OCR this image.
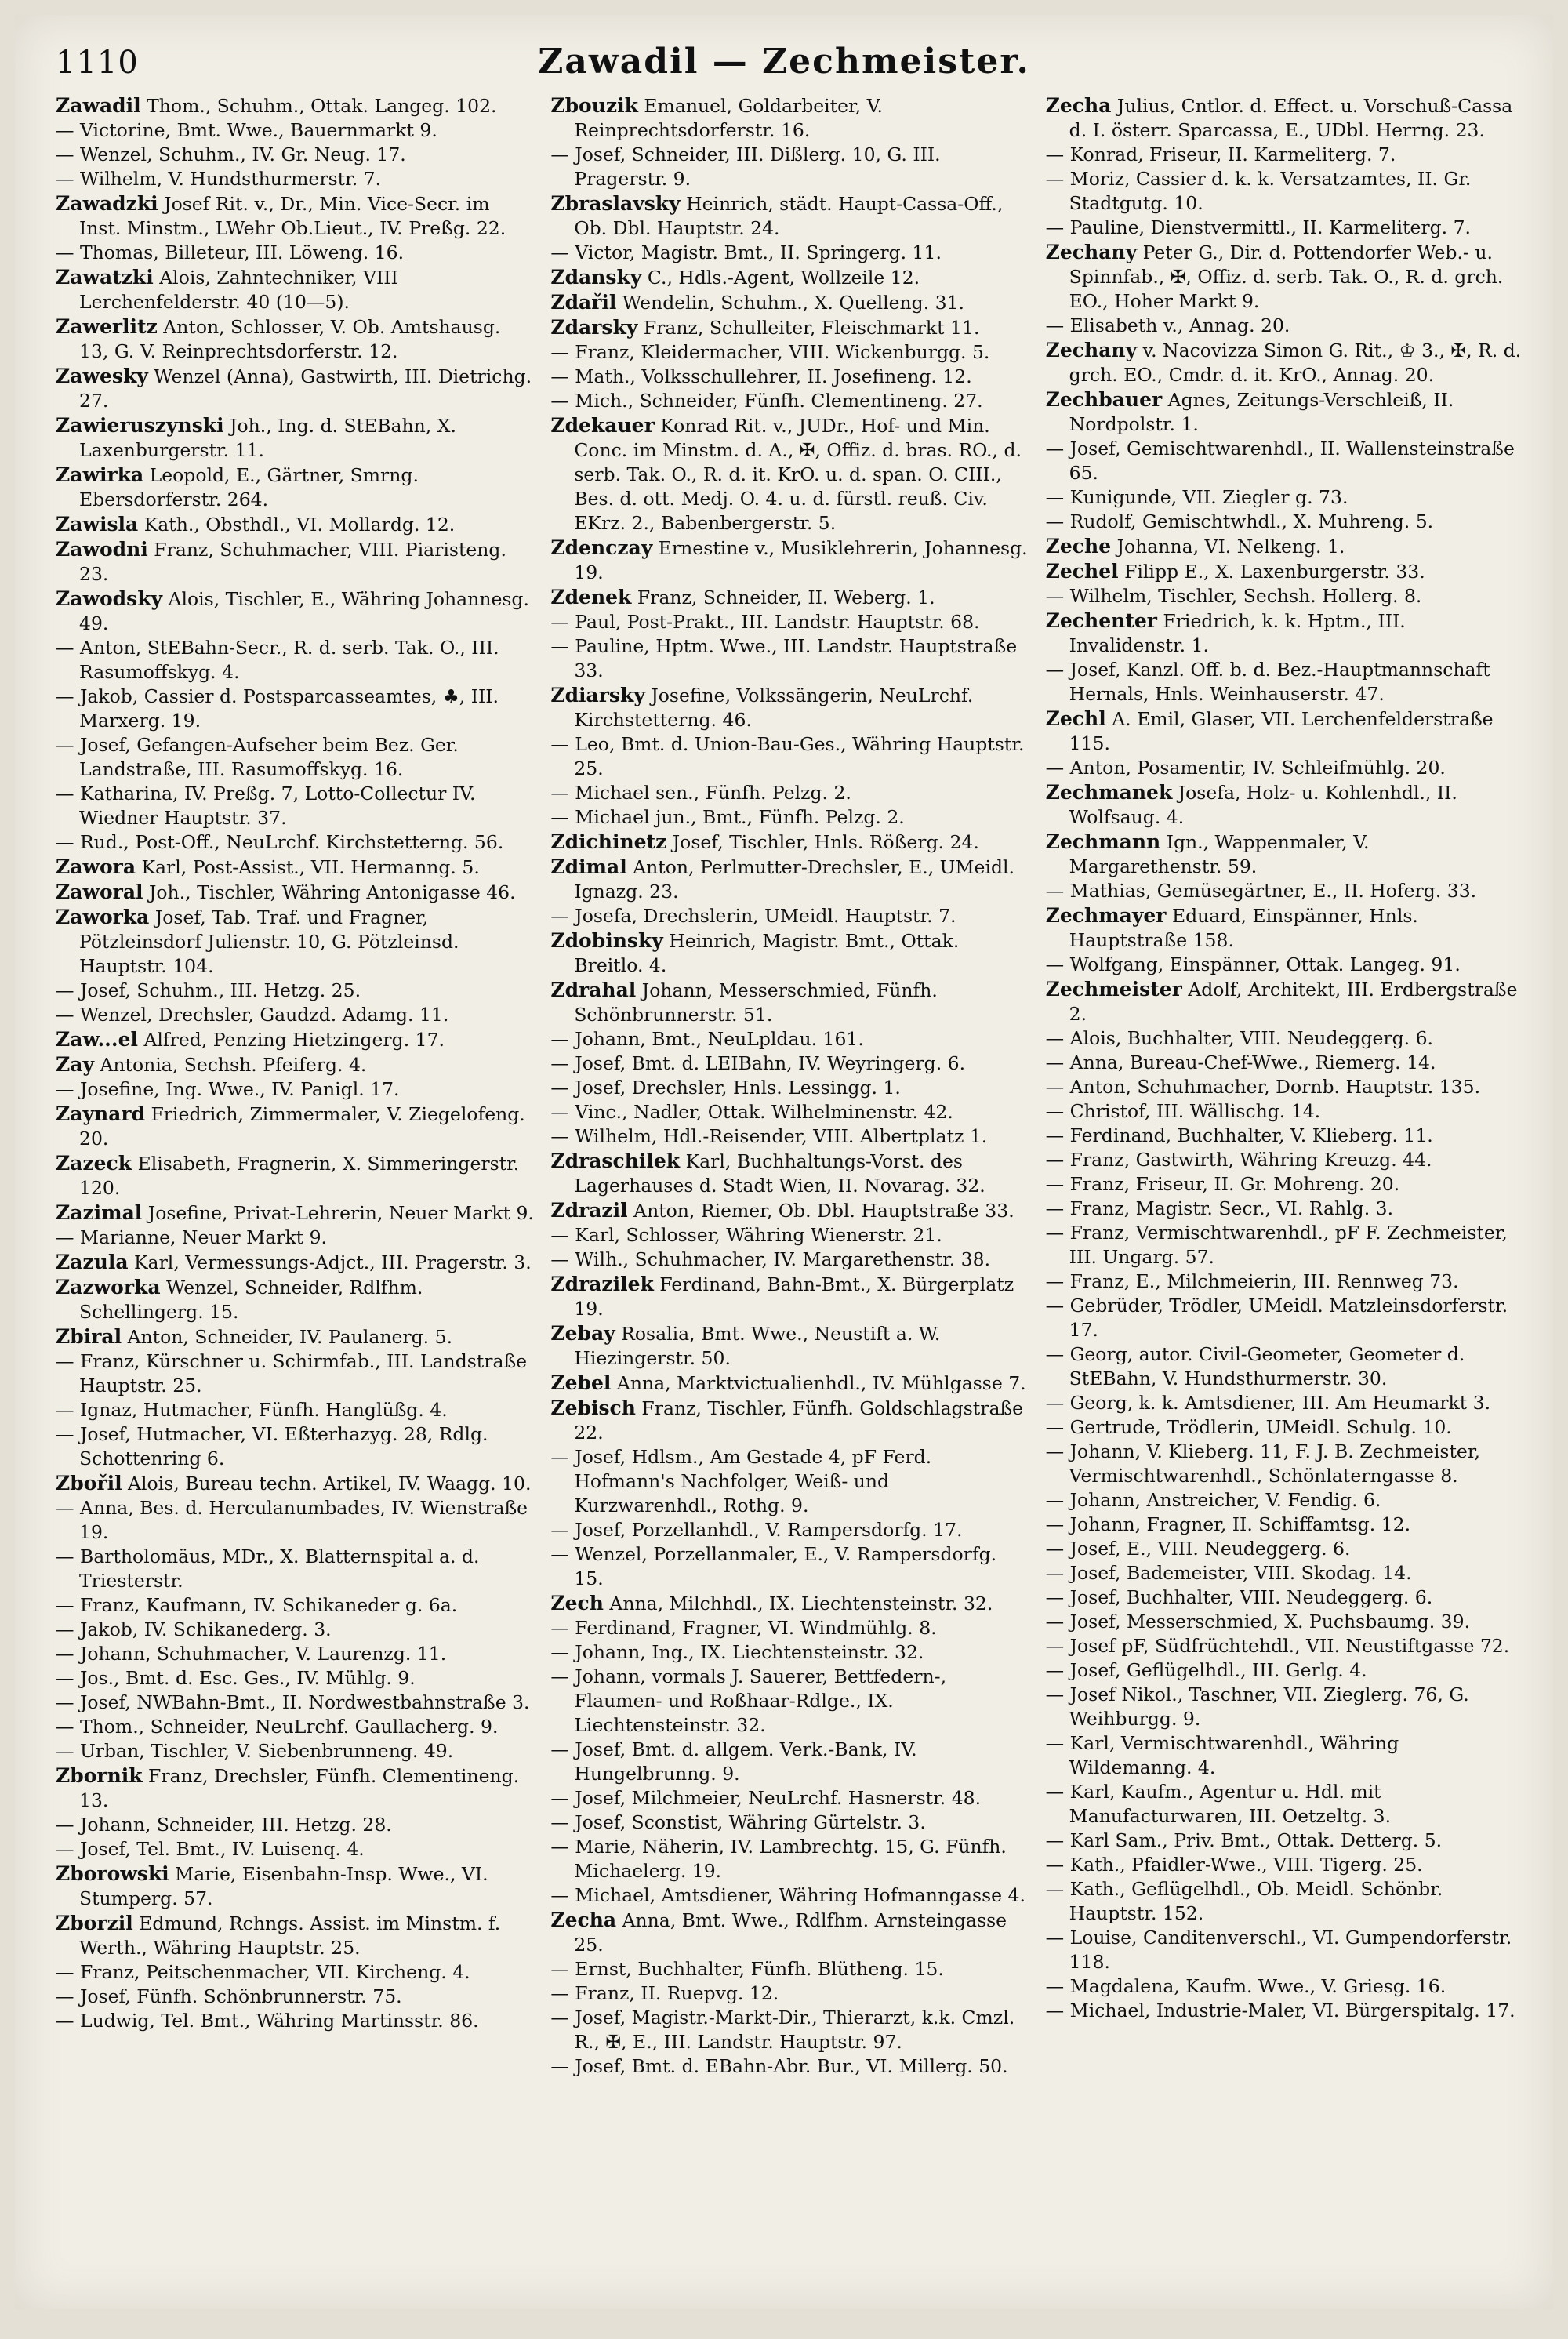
1110	Zawadil — Zechmeister.

Zawadil Thom., Schuhm., Ottak. Langeg. 102.

— Victorine, Bmt. Wwe., Bauernmarkt 9.

— Wenzel, Schuhm., IV. Gr. Neug. 17.

— Wilhelm, V. Hundsthurmerstr. 7.

Zawadzki Josef Rit. v., Dr., Min. Vice-Secr. im Inst. Minstm., LWehr Ob.Lieut., IV. Preßg. 22.

— Thomas, Billeteur, III. Löweng. 16.

Zawatzki Alois, Zahntechniker, VIII Lerchenfelderstr. 40 (10—5).

Zawerlitz Anton, Schlosser, V. Ob. Amtshausg. 13, G. V. Reinprechtsdorferstr. 12.

Zawesky Wenzel (Anna), Gastwirth, III. Dietrichg. 27.

Zawieruszynski Joh., Ing. d. StEBahn, X. Laxenburgerstr. 11.

Zawirka Leopold, E., Gärtner, Smrng. Ebersdorferstr. 264.

Zawisla Kath., Obsthdl., VI. Mollardg. 12.

Zawodni Franz, Schuhmacher, VIII. Piaristeng. 23.

Zawodsky Alois, Tischler, E., Währing Johannesg. 49.

— Anton, StEBahn-Secr., R. d. serb. Tak. O., III. Rasumoffskyg. 4.

— Jakob, Cassier d. Postsparcasseamtes, ♣, III. Marxerg. 19.

— Josef, Gefangen-Aufseher beim Bez. Ger. Landstraße, III. Rasumoffskyg. 16.

— Katharina, IV. Preßg. 7, Lotto-Collectur IV. Wiedner Hauptstr. 37.

— Rud., Post-Off., NeuLrchf. Kirchstetterng. 56.

Zawora Karl, Post-Assist., VII. Hermanng. 5.

Zaworal Joh., Tischler, Währing Antonigasse 46.

Zaworka Josef, Tab. Traf. und Fragner, Pötzleinsdorf Julienstr. 10, G. Pötzleinsd. Hauptstr. 104.

— Josef, Schuhm., III. Hetzg. 25.

— Wenzel, Drechsler, Gaudzd. Adamg. 11.

Zaw...el Alfred, Penzing Hietzingerg. 17.

Zay Antonia, Sechsh. Pfeiferg. 4.

— Josefine, Ing. Wwe., IV. Panigl. 17.

Zaynard Friedrich, Zimmermaler, V. Ziegelofeng. 20.

Zazeck Elisabeth, Fragnerin, X. Simmeringerstr. 120.

Zazimal Josefine, Privat-Lehrerin, Neuer Markt 9.

— Marianne, Neuer Markt 9.

Zazula Karl, Vermessungs-Adjct., III. Pragerstr. 3.

Zazworka Wenzel, Schneider, Rdlfhm. Schellingerg. 15.

Zbiral Anton, Schneider, IV. Paulanerg. 5.

— Franz, Kürschner u. Schirmfab., III. Landstraße Hauptstr. 25.

— Ignaz, Hutmacher, Fünfh. Hanglüßg. 4.

— Josef, Hutmacher, VI. Eßterhazyg. 28, Rdlg. Schottenring 6.

Zbořil Alois, Bureau techn. Artikel, IV. Waagg. 10.

— Anna, Bes. d. Herculanumbades, IV. Wienstraße 19.

— Bartholomäus, MDr., X. Blatternspital a. d. Triesterstr.

— Franz, Kaufmann, IV. Schikaneder g. 6a.

— Jakob, IV. Schikanederg. 3.

— Johann, Schuhmacher, V. Laurenzg. 11.

— Jos., Bmt. d. Esc. Ges., IV. Mühlg. 9.

— Josef, NWBahn-Bmt., II. Nordwestbahnstraße 3.

— Thom., Schneider, NeuLrchf. Gaullacherg. 9.

— Urban, Tischler, V. Siebenbrunneng. 49.

Zbornik Franz, Drechsler, Fünfh. Clementineng. 13.

— Johann, Schneider, III. Hetzg. 28.

— Josef, Tel. Bmt., IV. Luisenq. 4.

Zborowski Marie, Eisenbahn-Insp. Wwe., VI. Stumperg. 57.

Zborzil Edmund, Rchngs. Assist. im Minstm. f. Werth., Währing Hauptstr. 25.

— Franz, Peitschenmacher, VII. Kircheng. 4.

— Josef, Fünfh. Schönbrunnerstr. 75.

— Ludwig, Tel. Bmt., Währing Martinsstr. 86.

Zbouzik Emanuel, Goldarbeiter, V. Reinprechtsdorferstr. 16.

— Josef, Schneider, III. Dißlerg. 10, G. III. Pragerstr. 9.

Zbraslavsky Heinrich, städt. Haupt-Cassa-Off., Ob. Dbl. Hauptstr. 24.

— Victor, Magistr. Bmt., II. Springerg. 11.

Zdansky C., Hdls.-Agent, Wollzeile 12.

Zdařil Wendelin, Schuhm., X. Quelleng. 31.

Zdarsky Franz, Schulleiter, Fleischmarkt 11.

— Franz, Kleidermacher, VIII. Wickenburgg. 5.

— Math., Volksschullehrer, II. Josefineng. 12.

— Mich., Schneider, Fünfh. Clementineng. 27.

Zdekauer Konrad Rit. v., JUDr., Hof- und Min. Conc. im Minstm. d. A., ✠, Offiz. d. bras. RO., d. serb. Tak. O., R. d. it. KrO. u. d. span. O. CIII., Bes. d. ott. Medj. O. 4. u. d. fürstl. reuß. Civ. EKrz. 2., Babenbergerstr. 5.

Zdenczay Ernestine v., Musiklehrerin, Johannesg. 19.

Zdenek Franz, Schneider, II. Weberg. 1.

— Paul, Post-Prakt., III. Landstr. Hauptstr. 68.

— Pauline, Hptm. Wwe., III. Landstr. Hauptstraße 33.

Zdiarsky Josefine, Volkssängerin, NeuLrchf. Kirchstetterng. 46.

— Leo, Bmt. d. Union-Bau-Ges., Währing Hauptstr. 25.

— Michael sen., Fünfh. Pelzg. 2.

— Michael jun., Bmt., Fünfh. Pelzg. 2.

Zdichinetz Josef, Tischler, Hnls. Rößerg. 24.

Zdimal Anton, Perlmutter-Drechsler, E., UMeidl. Ignazg. 23.

— Josefa, Drechslerin, UMeidl. Hauptstr. 7.

Zdobinsky Heinrich, Magistr. Bmt., Ottak. Breitlo. 4.

Zdrahal Johann, Messerschmied, Fünfh. Schönbrunnerstr. 51.

— Johann, Bmt., NeuLpldau. 161.

— Josef, Bmt. d. LEIBahn, IV. Weyringerg. 6.

— Josef, Drechsler, Hnls. Lessingg. 1.

— Vinc., Nadler, Ottak. Wilhelminenstr. 42.

— Wilhelm, Hdl.-Reisender, VIII. Albertplatz 1.

Zdraschilek Karl, Buchhaltungs-Vorst. des Lagerhauses d. Stadt Wien, II. Novarag. 32.

Zdrazil Anton, Riemer, Ob. Dbl. Hauptstraße 33.

— Karl, Schlosser, Währing Wienerstr. 21.

— Wilh., Schuhmacher, IV. Margarethenstr. 38.

Zdrazilek Ferdinand, Bahn-Bmt., X. Bürgerplatz 19.

Zebay Rosalia, Bmt. Wwe., Neustift a. W. Hiezingerstr. 50.

Zebel Anna, Marktvictualienhdl., IV. Mühlgasse 7.

Zebisch Franz, Tischler, Fünfh. Goldschlagstraße 22.

— Josef, Hdlsm., Am Gestade 4, pF Ferd. Hofmann's Nachfolger, Weiß- und Kurzwarenhdl., Rothg. 9.

— Josef, Porzellanhdl., V. Rampersdorfg. 17.

— Wenzel, Porzellanmaler, E., V. Rampersdorfg. 15.

Zech Anna, Milchhdl., IX. Liechtensteinstr. 32.

— Ferdinand, Fragner, VI. Windmühlg. 8.

— Johann, Ing., IX. Liechtensteinstr. 32.

— Johann, vormals J. Sauerer, Bettfedern-, Flaumen- und Roßhaar-Rdlge., IX. Liechtensteinstr. 32.

— Josef, Bmt. d. allgem. Verk.-Bank, IV. Hungelbrunng. 9.

— Josef, Milchmeier, NeuLrchf. Hasnerstr. 48.

— Josef, Sconstist, Währing Gürtelstr. 3.

— Marie, Näherin, IV. Lambrechtg. 15, G. Fünfh. Michaelerg. 19.

— Michael, Amtsdiener, Währing Hofmanngasse 4.

Zecha Anna, Bmt. Wwe., Rdlfhm. Arnsteingasse 25.

— Ernst, Buchhalter, Fünfh. Blütheng. 15.

— Franz, II. Ruepvg. 12.

— Josef, Magistr.-Markt-Dir., Thierarzt, k.k. Cmzl. R., ✠, E., III. Landstr. Hauptstr. 97.

— Josef, Bmt. d. EBahn-Abr. Bur., VI. Millerg. 50.

Zecha Julius, Cntlor. d. Effect. u. Vorschuß-Cassa d. I. österr. Sparcassa, E., UDbl. Herrng. 23.

— Konrad, Friseur, II. Karmeliterg. 7.

— Moriz, Cassier d. k. k. Versatzamtes, II. Gr. Stadtgutg. 10.

— Pauline, Dienstvermittl., II. Karmeliterg. 7.

Zechany Peter G., Dir. d. Pottendorfer Web.- u. Spinnfab., ✠, Offiz. d. serb. Tak. O., R. d. grch. EO., Hoher Markt 9.

— Elisabeth v., Annag. 20.

Zechany v. Nacovizza Simon G. Rit., ♔ 3., ✠, R. d. grch. EO., Cmdr. d. it. KrO., Annag. 20.

Zechbauer Agnes, Zeitungs-Verschleiß, II. Nordpolstr. 1.

— Josef, Gemischtwarenhdl., II. Wallensteinstraße 65.

— Kunigunde, VII. Ziegler g. 73.

— Rudolf, Gemischtwhdl., X. Muhreng. 5.

Zeche Johanna, VI. Nelkeng. 1.

Zechel Filipp E., X. Laxenburgerstr. 33.

— Wilhelm, Tischler, Sechsh. Hollerg. 8.

Zechenter Friedrich, k. k. Hptm., III. Invalidenstr. 1.

— Josef, Kanzl. Off. b. d. Bez.-Hauptmannschaft Hernals, Hnls. Weinhauserstr. 47.

Zechl A. Emil, Glaser, VII. Lerchenfelderstraße 115.

— Anton, Posamentir, IV. Schleifmühlg. 20.

Zechmanek Josefa, Holz- u. Kohlenhdl., II. Wolfsaug. 4.

Zechmann Ign., Wappenmaler, V. Margarethenstr. 59.

— Mathias, Gemüsegärtner, E., II. Hoferg. 33.

Zechmayer Eduard, Einspänner, Hnls. Hauptstraße 158.

— Wolfgang, Einspänner, Ottak. Langeg. 91.

Zechmeister Adolf, Architekt, III. Erdbergstraße 2.

— Alois, Buchhalter, VIII. Neudeggerg. 6.

— Anna, Bureau-Chef-Wwe., Riemerg. 14.

— Anton, Schuhmacher, Dornb. Hauptstr. 135.

— Christof, III. Wällischg. 14.

— Ferdinand, Buchhalter, V. Klieberg. 11.

— Franz, Gastwirth, Währing Kreuzg. 44.

— Franz, Friseur, II. Gr. Mohreng. 20.

— Franz, Magistr. Secr., VI. Rahlg. 3.

— Franz, Vermischtwarenhdl., pF F. Zechmeister, III. Ungarg. 57.

— Franz, E., Milchmeierin, III. Rennweg 73.

— Gebrüder, Trödler, UMeidl. Matzleinsdorferstr. 17.

— Georg, autor. Civil-Geometer, Geometer d. StEBahn, V. Hundsthurmerstr. 30.

— Georg, k. k. Amtsdiener, III. Am Heumarkt 3.

— Gertrude, Trödlerin, UMeidl. Schulg. 10.

— Johann, V. Klieberg. 11, F. J. B. Zechmeister, Vermischtwarenhdl., Schönlaterngasse 8.

— Johann, Anstreicher, V. Fendig. 6.

— Johann, Fragner, II. Schiffamtsg. 12.

— Josef, E., VIII. Neudeggerg. 6.

— Josef, Bademeister, VIII. Skodag. 14.

— Josef, Buchhalter, VIII. Neudeggerg. 6.

— Josef, Messerschmied, X. Puchsbaumg. 39.

— Josef pF, Südfrüchtehdl., VII. Neustiftgasse 72.

— Josef, Geflügelhdl., III. Gerlg. 4.

— Josef Nikol., Taschner, VII. Zieglerg. 76, G. Weihburgg. 9.

— Karl, Vermischtwarenhdl., Währing Wildemanng. 4.

— Karl, Kaufm., Agentur u. Hdl. mit Manufacturwaren, III. Oetzeltg. 3.

— Karl Sam., Priv. Bmt., Ottak. Detterg. 5.

— Kath., Pfaidler-Wwe., VIII. Tigerg. 25.

— Kath., Geflügelhdl., Ob. Meidl. Schönbr. Hauptstr. 152.

— Louise, Canditenverschl., VI. Gumpendorferstr. 118.

— Magdalena, Kaufm. Wwe., V. Griesg. 16.

— Michael, Industrie-Maler, VI. Bürgerspitalg. 17.
